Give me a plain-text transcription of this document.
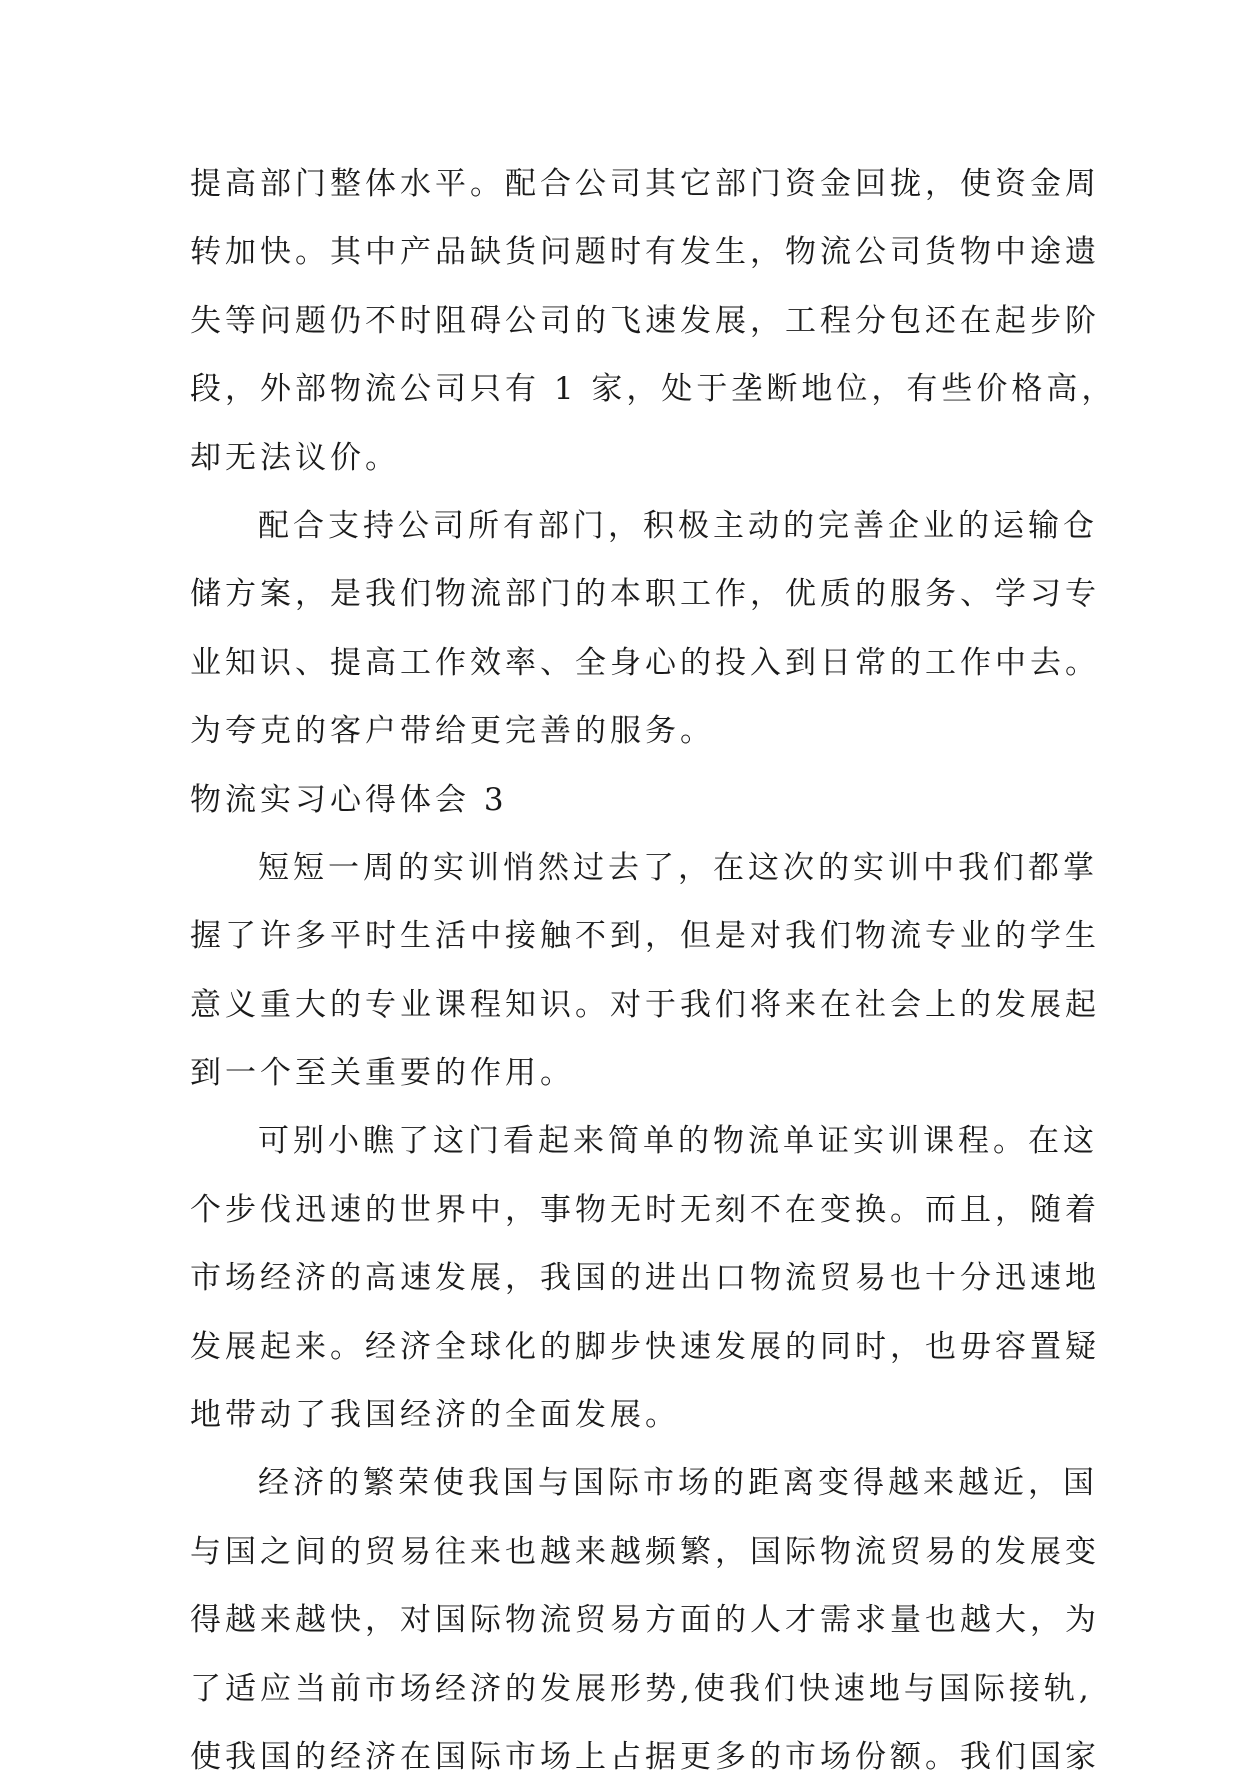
提高部门整体水平。配合公司其它部门资金回拢，使资金周
转加快。其中产品缺货问题时有发生，物流公司货物中途遗
失等问题仍不时阻碍公司的飞速发展，工程分包还在起步阶
段，外部物流公司只有 1 家，处于垄断地位，有些价格高，
却无法议价。
配合支持公司所有部门，积极主动的完善企业的运输仓
储方案，是我们物流部门的本职工作，优质的服务、学习专
业知识、提高工作效率、全身心的投入到日常的工作中去。
为夸克的客户带给更完善的服务。
物流实习心得体会 3
短短一周的实训悄然过去了，在这次的实训中我们都掌
握了许多平时生活中接触不到，但是对我们物流专业的学生
意义重大的专业课程知识。对于我们将来在社会上的发展起
到一个至关重要的作用。
可别小瞧了这门看起来简单的物流单证实训课程。在这
个步伐迅速的世界中，事物无时无刻不在变换。而且，随着
市场经济的高速发展，我国的进出口物流贸易也十分迅速地
发展起来。经济全球化的脚步快速发展的同时，也毋容置疑
地带动了我国经济的全面发展。
经济的繁荣使我国与国际市场的距离变得越来越近，国
与国之间的贸易往来也越来越频繁，国际物流贸易的发展变
得越来越快，对国际物流贸易方面的人才需求量也越大，为
了适应当前市场经济的发展形势,使我们快速地与国际接轨,
使我国的经济在国际市场上占据更多的市场份额。我们国家
